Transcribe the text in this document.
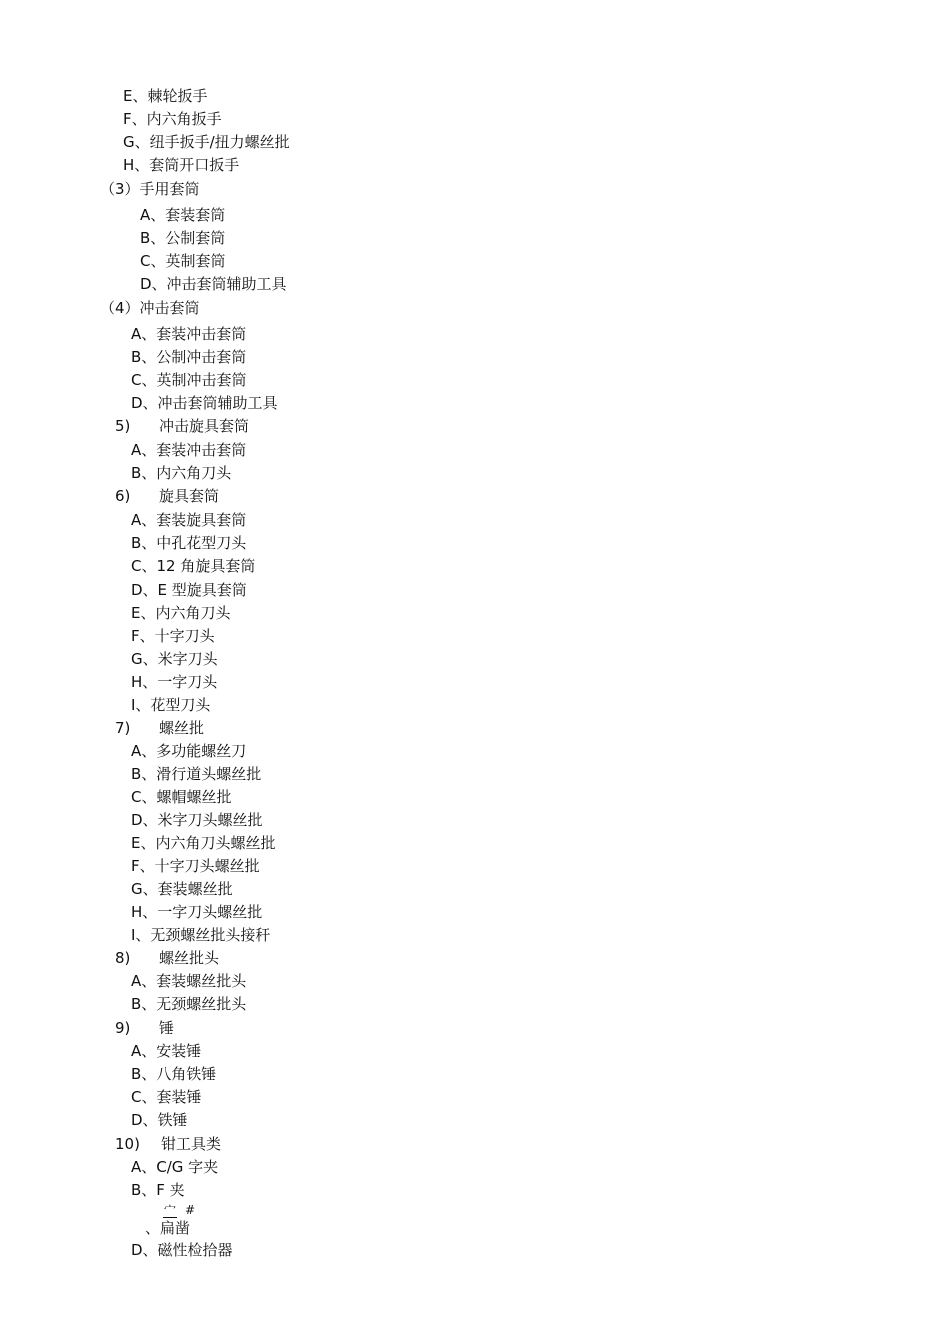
E、棘轮扳手
F、内六角扳手
G、纽手扳手/扭力螺丝批
H、套筒开口扳手
（3）手用套筒
A、套装套筒
B、公制套筒
C、英制套筒
D、冲击套筒辅助工具
（4）冲击套筒
A、套装冲击套筒
B、公制冲击套筒
C、英制冲击套筒
D、冲击套筒辅助工具
5) 冲击旋具套筒
A、套装冲击套筒
B、内六角刀头
6) 旋具套筒
A、套装旋具套筒
B、中孔花型刀头
C、12 角旋具套筒
D、E 型旋具套筒
E、内六角刀头
F、十字刀头
G、米字刀头
H、一字刀头
I、花型刀头
7) 螺丝批
A、多功能螺丝刀
B、滑行道头螺丝批
C、螺帽螺丝批
D、米字刀头螺丝批
E、内六角刀头螺丝批
F、十字刀头螺丝批
G、套装螺丝批
H、一字刀头螺丝批
I、无颈螺丝批头接秆
8) 螺丝批头
A、套装螺丝批头
B、无颈螺丝批头
9) 锤
A、安装锤
B、八角铁锤
C、套装锤
D、铁锤
10) 钳工具类
A、C/G 字夹
B、F 夹
宀 #
、扁凿
D、磁性检拾器
